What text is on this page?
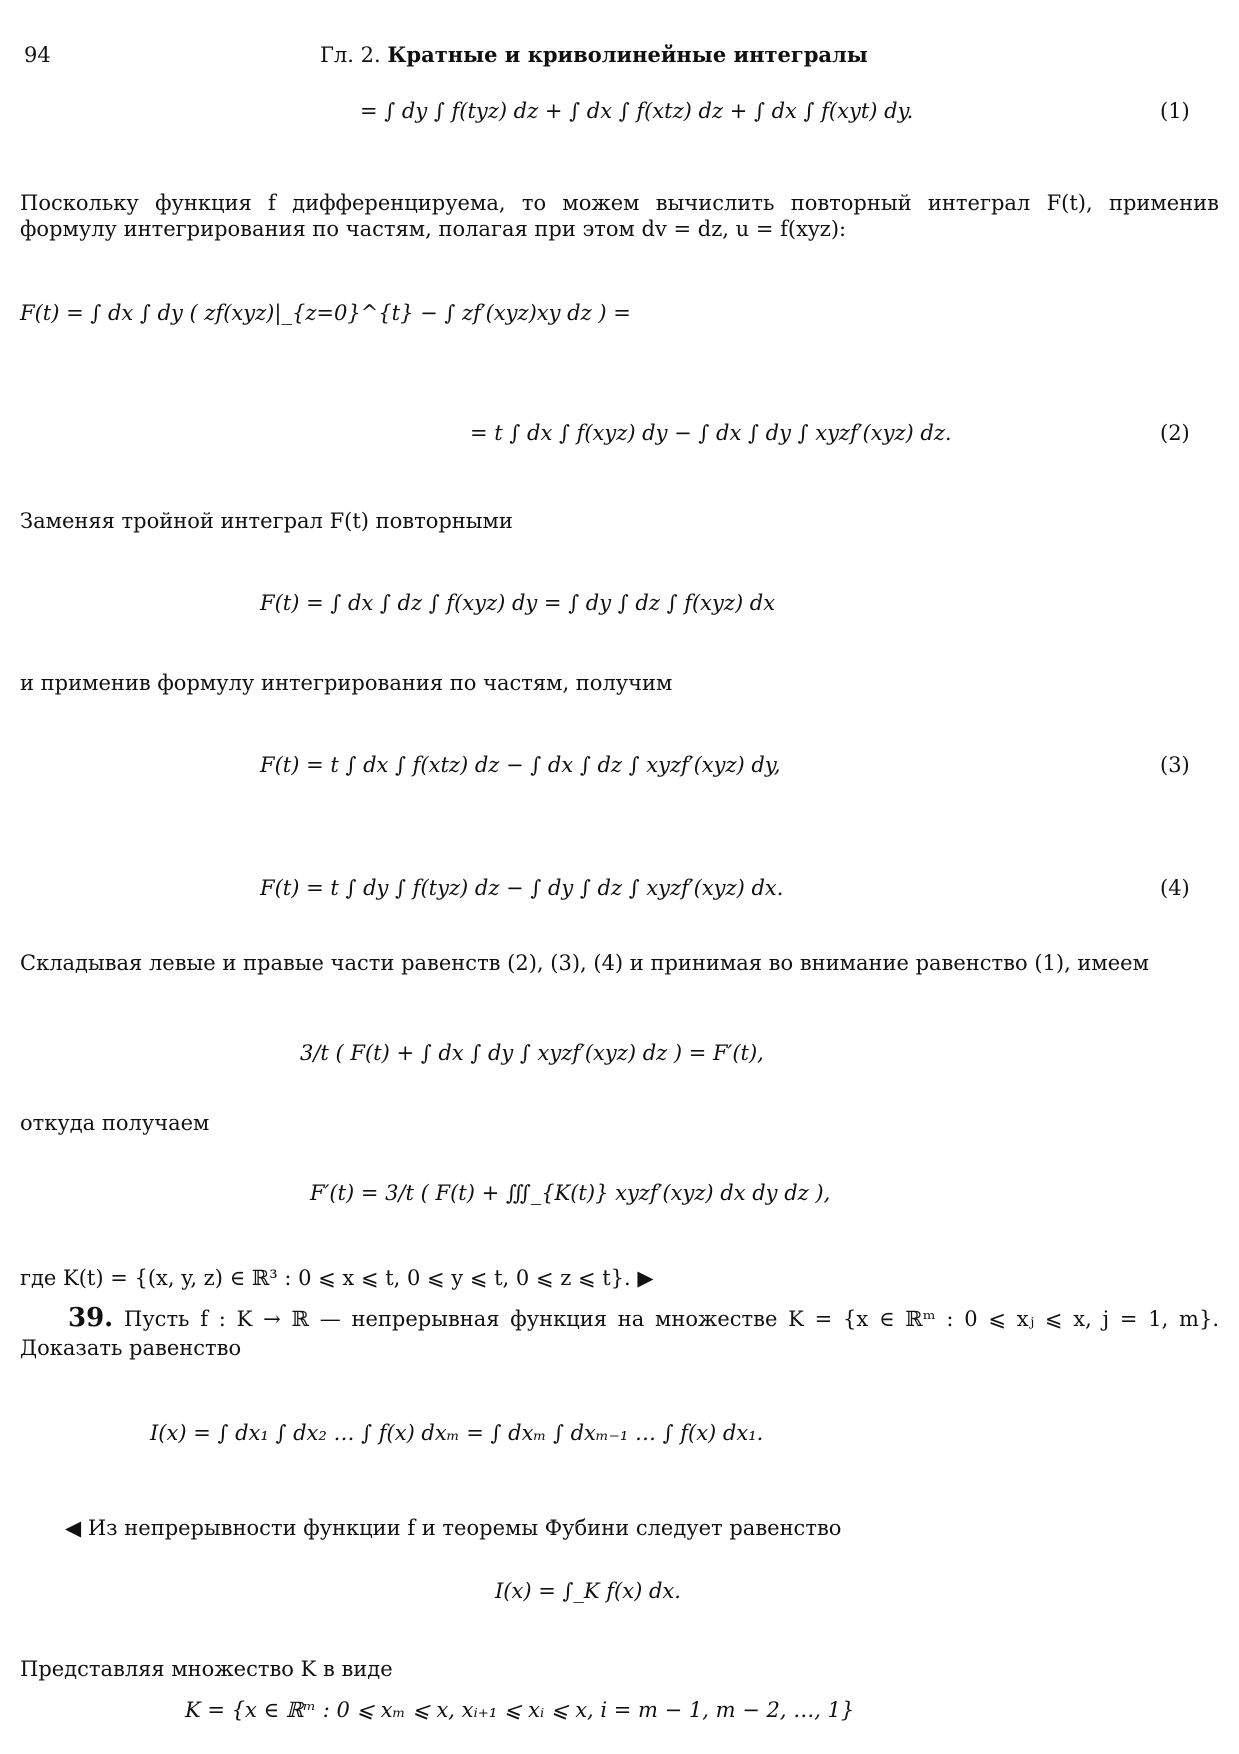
94	Гл. 2. Кратные и криволинейные интегралы
= ∫ dy ∫ f(tyz) dz + ∫ dx ∫ f(xtz) dz + ∫ dx ∫ f(xyt) dy.	(1)
Поскольку функция f дифференцируема, то можем вычислить повторный интеграл F(t), применив формулу интегрирования по частям, полагая при этом dv = dz, u = f(xyz):
F(t) = ∫ dx ∫ dy ( zf(xyz)|_{z=0}^{t} − ∫ zf′(xyz)xy dz ) =
= t ∫ dx ∫ f(xyz) dy − ∫ dx ∫ dy ∫ xyzf′(xyz) dz.	(2)
Заменяя тройной интеграл F(t) повторными
F(t) = ∫ dx ∫ dz ∫ f(xyz) dy = ∫ dy ∫ dz ∫ f(xyz) dx
и применив формулу интегрирования по частям, получим
F(t) = t ∫ dx ∫ f(xtz) dz − ∫ dx ∫ dz ∫ xyzf′(xyz) dy,	(3)
F(t) = t ∫ dy ∫ f(tyz) dz − ∫ dy ∫ dz ∫ xyzf′(xyz) dx.	(4)
Складывая левые и правые части равенств (2), (3), (4) и принимая во внимание равенство (1), имеем
3/t ( F(t) + ∫ dx ∫ dy ∫ xyzf′(xyz) dz ) = F′(t),
откуда получаем
F′(t) = 3/t ( F(t) + ∭_{K(t)} xyzf′(xyz) dx dy dz ),
где K(t) = {(x, y, z) ∈ ℝ³ : 0 ⩽ x ⩽ t, 0 ⩽ y ⩽ t, 0 ⩽ z ⩽ t}. ▶
39. Пусть f : K → ℝ — непрерывная функция на множестве K = {x ∈ ℝᵐ : 0 ⩽ xⱼ ⩽ x, j = 1, m}. Доказать равенство
I(x) = ∫ dx₁ ∫ dx₂ … ∫ f(x) dxₘ = ∫ dxₘ ∫ dxₘ₋₁ … ∫ f(x) dx₁.
◀ Из непрерывности функции f и теоремы Фубини следует равенство
I(x) = ∫_K f(x) dx.
Представляя множество K в виде
K = {x ∈ ℝᵐ : 0 ⩽ xₘ ⩽ x, xᵢ₊₁ ⩽ xᵢ ⩽ x, i = m − 1, m − 2, …, 1}
